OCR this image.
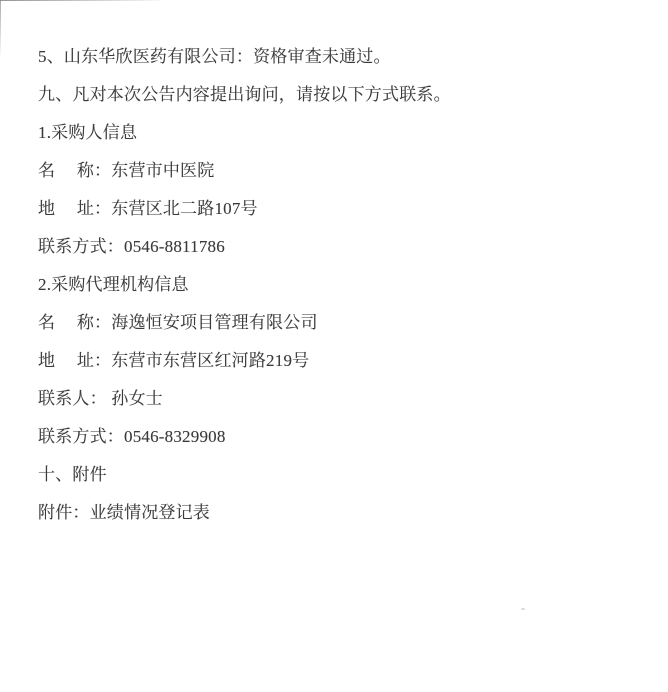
5、山东华欣医药有限公司：资格审查未通过。

九、凡对本次公告内容提出询问，请按以下方式联系。

1.采购人信息

名　 称：东营市中医院

地　 址：东营区北二路107号

联系方式：0546-8811786

2.采购代理机构信息

名　 称：海逸恒安项目管理有限公司

地　 址：东营市东营区红河路219号

联系人： 孙女士

联系方式：0546-8329908

十、附件

附件：业绩情况登记表
